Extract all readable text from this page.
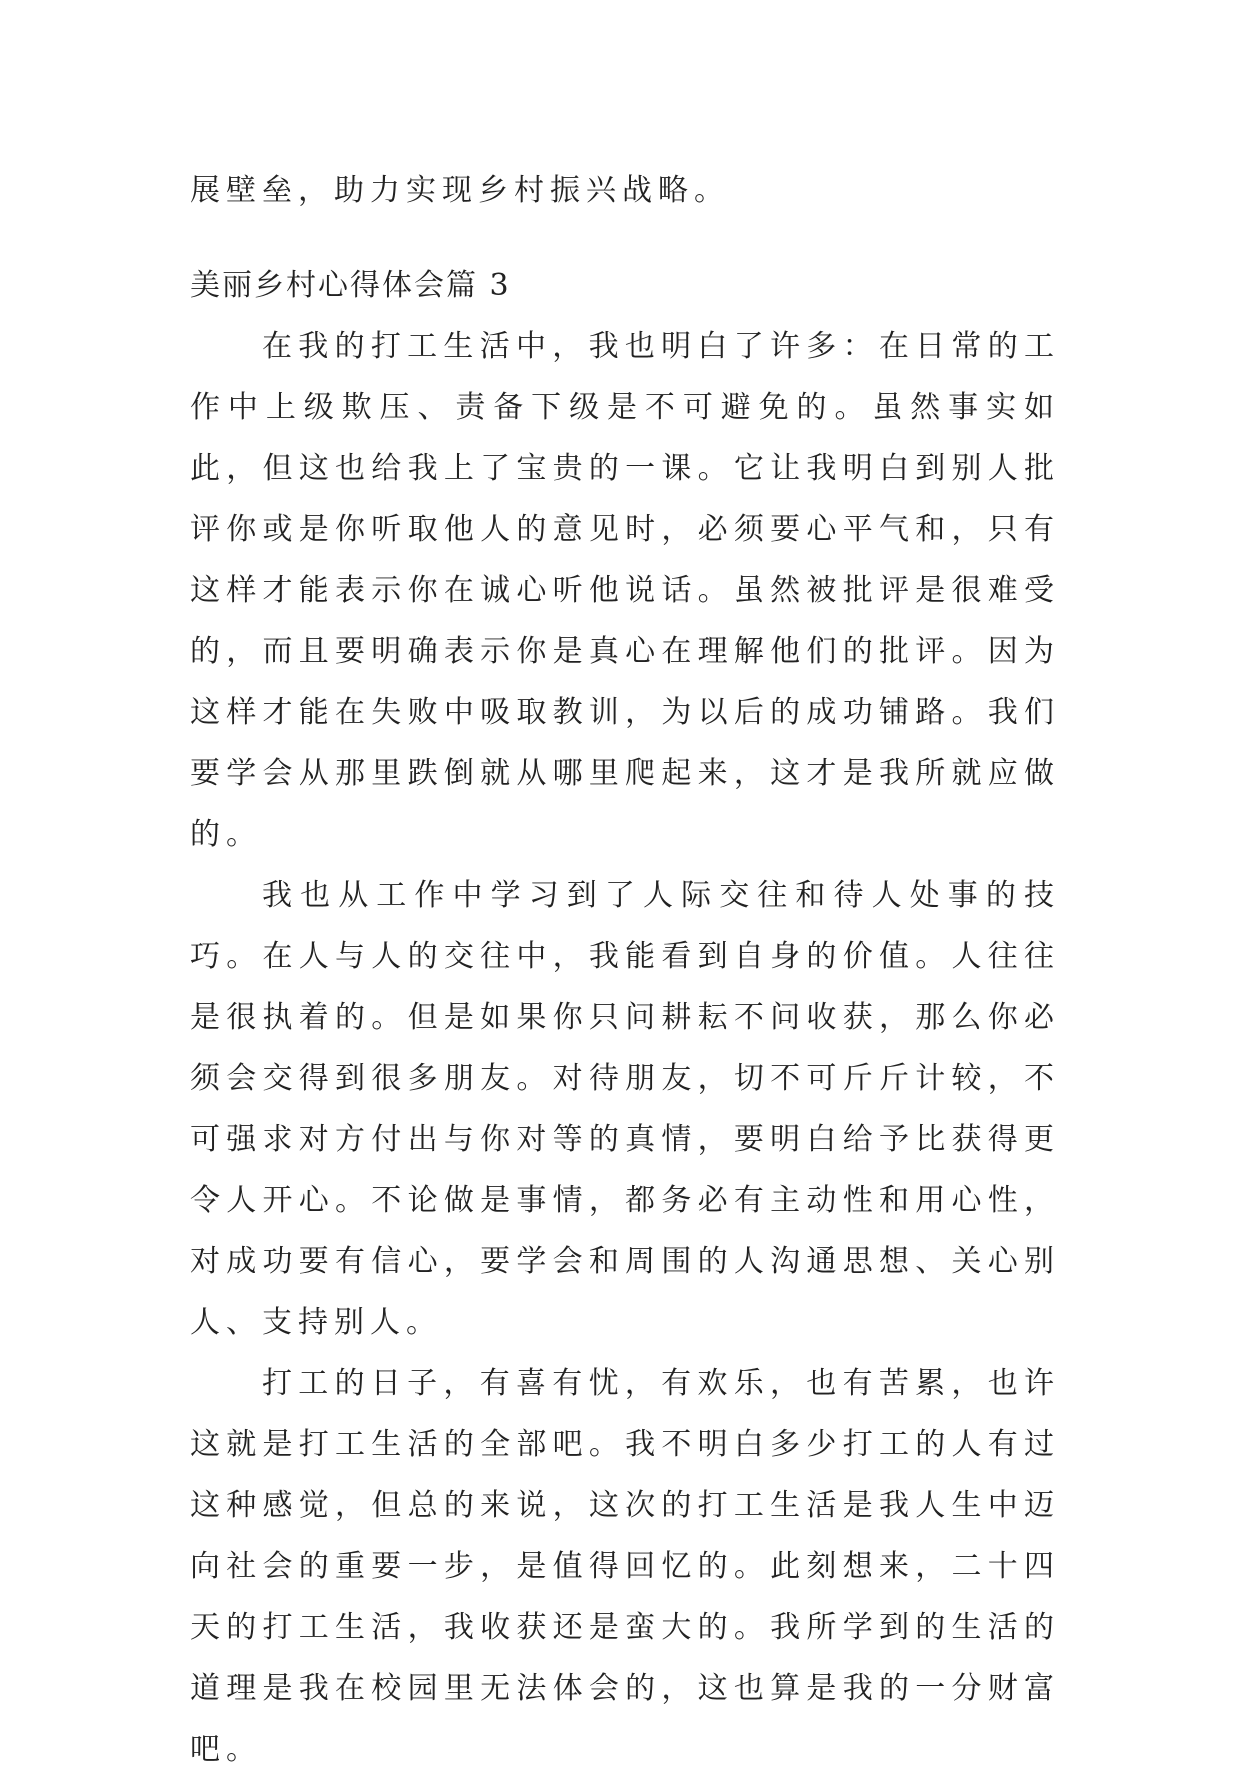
展壁垒，助力实现乡村振兴战略。

美丽乡村心得体会篇 3

在我的打工生活中，我也明白了许多：在日常的工作中上级欺压、责备下级是不可避免的。虽然事实如此，但这也给我上了宝贵的一课。它让我明白到别人批评你或是你听取他人的意见时，必须要心平气和，只有这样才能表示你在诚心听他说话。虽然被批评是很难受的，而且要明确表示你是真心在理解他们的批评。因为这样才能在失败中吸取教训，为以后的成功铺路。我们要学会从那里跌倒就从哪里爬起来，这才是我所就应做的。

我也从工作中学习到了人际交往和待人处事的技巧。在人与人的交往中，我能看到自身的价值。人往往是很执着的。但是如果你只问耕耘不问收获，那么你必须会交得到很多朋友。对待朋友，切不可斤斤计较，不可强求对方付出与你对等的真情，要明白给予比获得更令人开心。不论做是事情，都务必有主动性和用心性，对成功要有信心，要学会和周围的人沟通思想、关心别人、支持别人。

打工的日子，有喜有忧，有欢乐，也有苦累，也许这就是打工生活的全部吧。我不明白多少打工的人有过这种感觉，但总的来说，这次的打工生活是我人生中迈向社会的重要一步，是值得回忆的。此刻想来，二十四天的打工生活，我收获还是蛮大的。我所学到的生活的道理是我在校园里无法体会的，这也算是我的一分财富吧。
